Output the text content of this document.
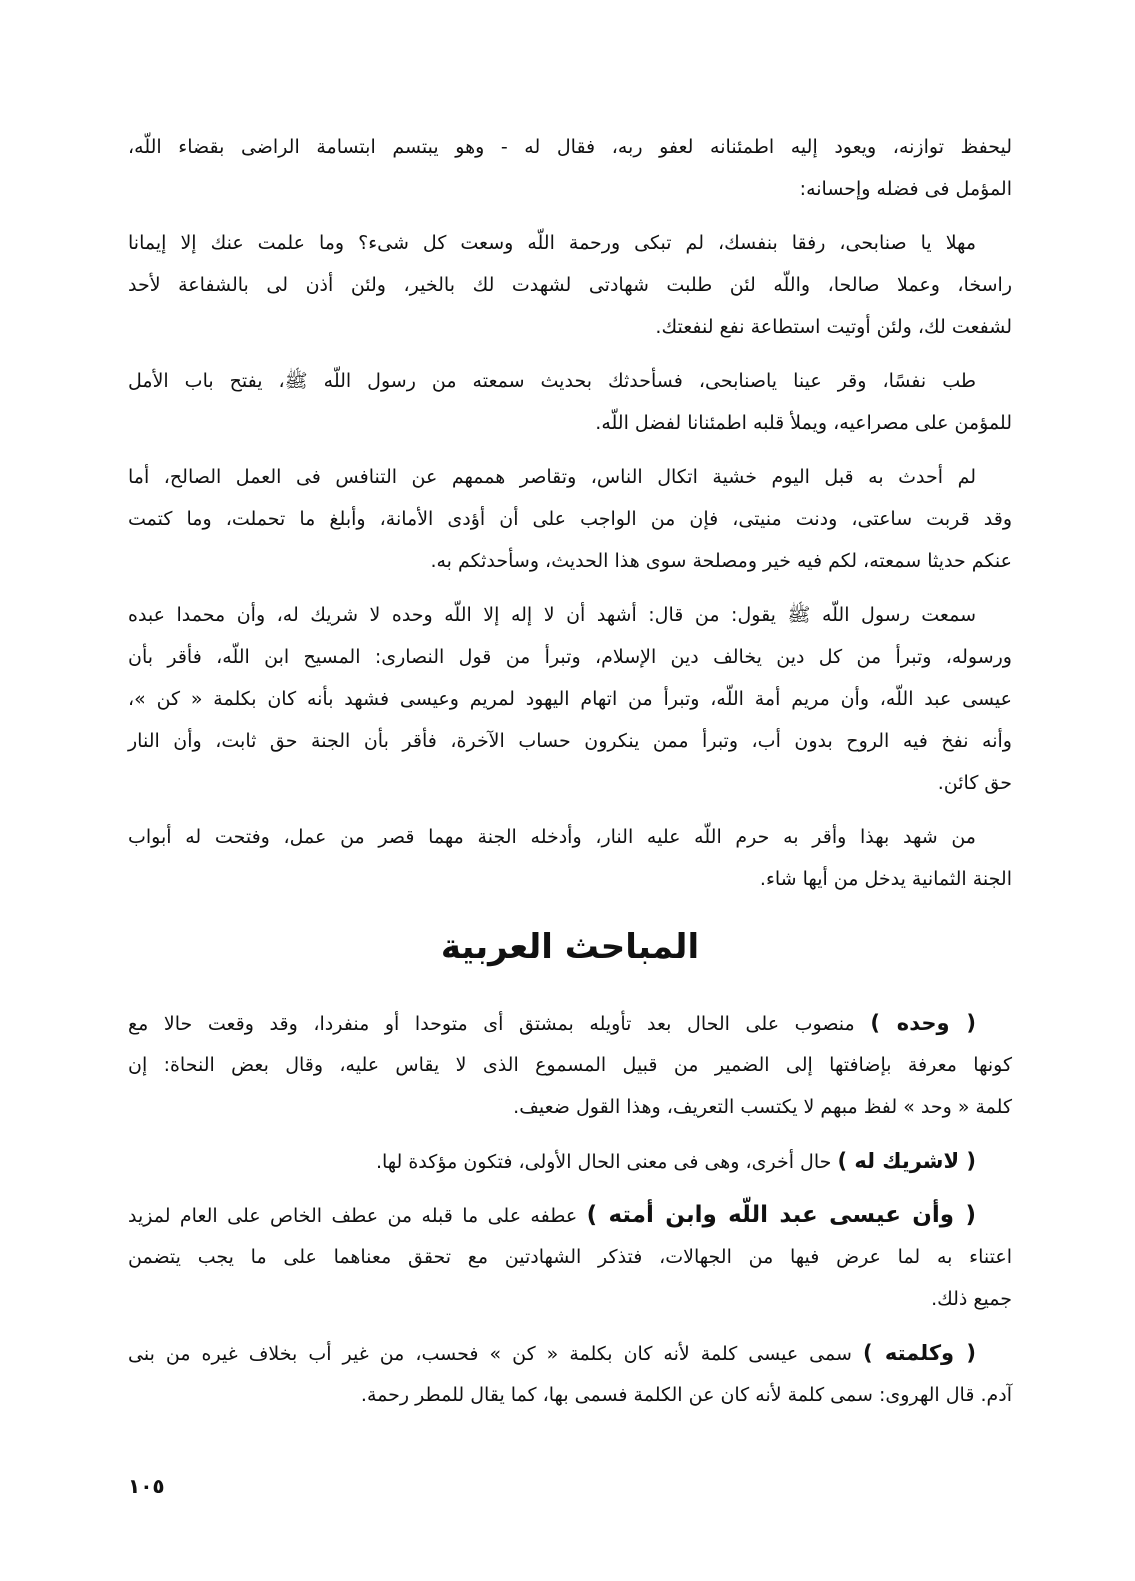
ليحفظ توازنه، ويعود إليه اطمئنانه لعفو ربه، فقال له - وهو يبتسم ابتسامة الراضى بقضاء اللّه،
المؤمل فى فضله وإحسانه:
مهلا يا صنابحى، رفقا بنفسك، لم تبكى ورحمة اللّه وسعت كل شىء؟ وما علمت عنك إلا إيمانا
راسخا، وعملا صالحا، واللّه لئن طلبت شهادتى لشهدت لك بالخير، ولئن أذن لى بالشفاعة لأحد
لشفعت لك، ولئن أوتيت استطاعة نفع لنفعتك.
طب نفسًا، وقر عينا ياصنابحى، فسأحدثك بحديث سمعته من رسول اللّه ﷺ، يفتح باب الأمل
للمؤمن على مصراعيه، ويملأ قلبه اطمئنانا لفضل اللّه.
لم أحدث به قبل اليوم خشية اتكال الناس، وتقاصر هممهم عن التنافس فى العمل الصالح، أما
وقد قربت ساعتى، ودنت منيتى، فإن من الواجب على أن أؤدى الأمانة، وأبلغ ما تحملت، وما كتمت
عنكم حديثا سمعته، لكم فيه خير ومصلحة سوى هذا الحديث، وسأحدثكم به.
سمعت رسول اللّه ﷺ يقول: من قال: أشهد أن لا إله إلا اللّه وحده لا شريك له، وأن محمدا عبده
ورسوله، وتبرأ من كل دين يخالف دين الإسلام، وتبرأ من قول النصارى: المسيح ابن اللّه، فأقر بأن
عيسى عبد اللّه، وأن مريم أمة اللّه، وتبرأ من اتهام اليهود لمريم وعيسى فشهد بأنه كان بكلمة « كن »،
وأنه نفخ فيه الروح بدون أب، وتبرأ ممن ينكرون حساب الآخرة، فأقر بأن الجنة حق ثابت، وأن النار
حق كائن.
من شهد بهذا وأقر به حرم اللّه عليه النار، وأدخله الجنة مهما قصر من عمل، وفتحت له أبواب
الجنة الثمانية يدخل من أيها شاء.
المباحث العربية
( وحده ) منصوب على الحال بعد تأويله بمشتق أى متوحدا أو منفردا، وقد وقعت حالا مع
كونها معرفة بإضافتها إلى الضمير من قبيل المسموع الذى لا يقاس عليه، وقال بعض النحاة: إن
كلمة « وحد » لفظ مبهم لا يكتسب التعريف، وهذا القول ضعيف.
( لاشريك له ) حال أخرى، وهى فى معنى الحال الأولى، فتكون مؤكدة لها.
( وأن عيسى عبد اللّه وابن أمته ) عطفه على ما قبله من عطف الخاص على العام لمزيد
اعتناء به لما عرض فيها من الجهالات، فتذكر الشهادتين مع تحقق معناهما على ما يجب يتضمن
جميع ذلك.
( وكلمته ) سمى عيسى كلمة لأنه كان بكلمة « كن » فحسب، من غير أب بخلاف غيره من بنى
آدم. قال الهروى: سمى كلمة لأنه كان عن الكلمة فسمى بها، كما يقال للمطر رحمة.
١٠٥
